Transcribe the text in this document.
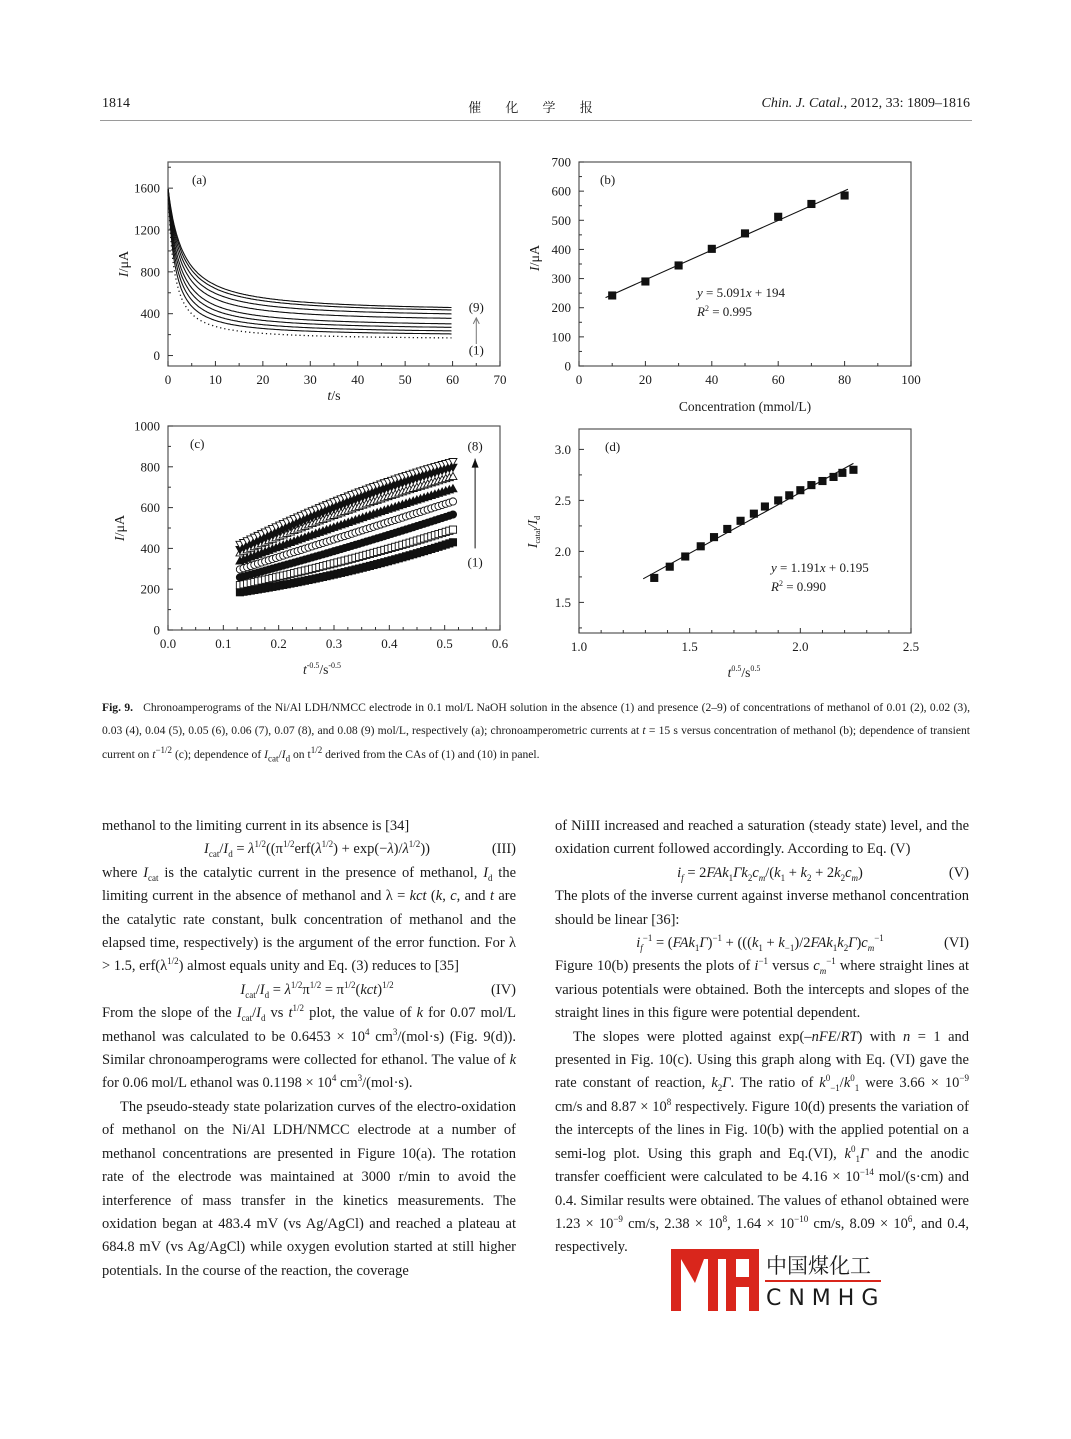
1814	催 化 学 报	Chin. J. Catal., 2012, 33: 1809–1816
0	10	20	30	40	50	60	70
0
400
800
1200
1600
(a)
(9)
(1)
I/μA
t/s
0	20	40	60	80	100
0
100
200
300
400
500
600
700
(b)
y = 5.091x + 194
$R^2 = 0.995$
I/μA
Concentration (mmol/L)
0.0	0.1	0.2	0.3	0.4	0.5	0.6
0
200
400
600
800
1000
(c)	(8)
(1)
I/μA
$t^{-0.5}/s^{-0.5}$
1.0	1.5	2.0	2.5
1.5
2.0
2.5
3.0	(d)
y = 1.191x + 0.195
$R^2 = 0.990$
$I_{catal}/I_d$
$t^{0.5}/s^{0.5}$
Fig. 9. Chronoamperograms of the Ni/Al LDH/NMCC electrode in 0.1 mol/L NaOH solution in the absence (1) and presence (2–9) of concentrations of methanol of 0.01 (2), 0.02 (3), 0.03 (4), 0.04 (5), 0.05 (6), 0.06 (7), 0.07 (8), and 0.08 (9) mol/L, respectively (a); chronoamperometric currents at t = 15 s versus concentration of methanol (b); dependence of transient current on $t^{-1/2}$ (c); dependence of $I_{cat}/I_d$ on $t^{1/2}$ derived from the CAs of (1) and (10) in panel.

methanol to the limiting current in its absence is [34]

$I_{cat}/I_d = \lambda^{1/2}((\pi^{1/2}erf(\lambda^{1/2}) + \exp(-\lambda)/\lambda^{1/2}))$	(III)

where $I_{cat}$ is the catalytic current in the presence of methanol, $I_d$ the limiting current in the absence of methanol and λ = kct (k, c, and t are the catalytic rate constant, bulk concentration of methanol and the elapsed time, respectively) is the argument of the error function. For λ > 1.5, $erf(\lambda^{1/2})$ almost equals unity and Eq. (3) reduces to [35]

$I_{cat}/I_d = \lambda^{1/2}\pi^{1/2} = \pi^{1/2}(kct)^{1/2}$	(IV)

From the slope of the $I_{cat}/I_d$ vs $t^{1/2}$ plot, the value of k for 0.07 mol/L methanol was calculated to be $0.6453 \times 10^4$ $cm^3/(mol\cdot s)$ (Fig. 9(d)). Similar chronoamperograms were collected for ethanol. The value of k for 0.06 mol/L ethanol was $0.1198 \times 10^4$ $cm^3/(mol\cdot s)$.

The pseudo-steady state polarization curves of the electro-oxidation of methanol on the Ni/Al LDH/NMCC electrode at a number of methanol concentrations are presented in Figure 10(a). The rotation rate of the electrode was maintained at 3000 r/min to avoid the interference of mass transfer in the kinetics measurements. The oxidation began at 483.4 mV (vs Ag/AgCl) and reached a plateau at 684.8 mV (vs Ag/AgCl) while oxygen evolution started at still higher potentials. In the course of the reaction, the coverage

of NiIII increased and reached a saturation (steady state) level, and the oxidation current followed accordingly. According to Eq. (V)

$i_f = 2FAk_1\Gamma k_2c_m/(k_1 + k_2 + 2k_2c_m)$	(V)

The plots of the inverse current against inverse methanol concentration should be linear [36]:

$i_f^{-1} = (FAk_1\Gamma)^{-1} + (((k_1 + k_{-1})/2FAk_1k_2\Gamma)c_m^{-1}$	(VI)

Figure 10(b) presents the plots of $i^{-1}$ versus $c_m^{-1}$ where straight lines at various potentials were obtained. Both the intercepts and slopes of the straight lines in this figure were potential dependent.

The slopes were plotted against exp(–nFE/RT) with n = 1 and presented in Fig. 10(c). Using this graph along with Eq. (VI) gave the rate constant of reaction, $k_2\Gamma$. The ratio of $k^0_{-1}/k^0_1$ were $3.66 \times 10^{-9}$ cm/s and $8.87 \times 10^8$ respectively. Figure 10(d) presents the variation of the intercepts of the lines in Fig. 10(b) with the applied potential on a semi-log plot. Using this graph and Eq.(VI), $k^0_1\Gamma$ and the anodic transfer coefficient were calculated to be $4.16 \times 10^{-14}$ mol/(s·cm) and 0.4. Similar results were obtained. The values of ethanol obtained were $1.23 \times 10^{-9}$ cm/s, $2.38 \times 10^8$, $1.64 \times 10^{-10}$ cm/s, $8.09 \times 10^6$, and 0.4, respectively.

中国煤化工
C N M H G
